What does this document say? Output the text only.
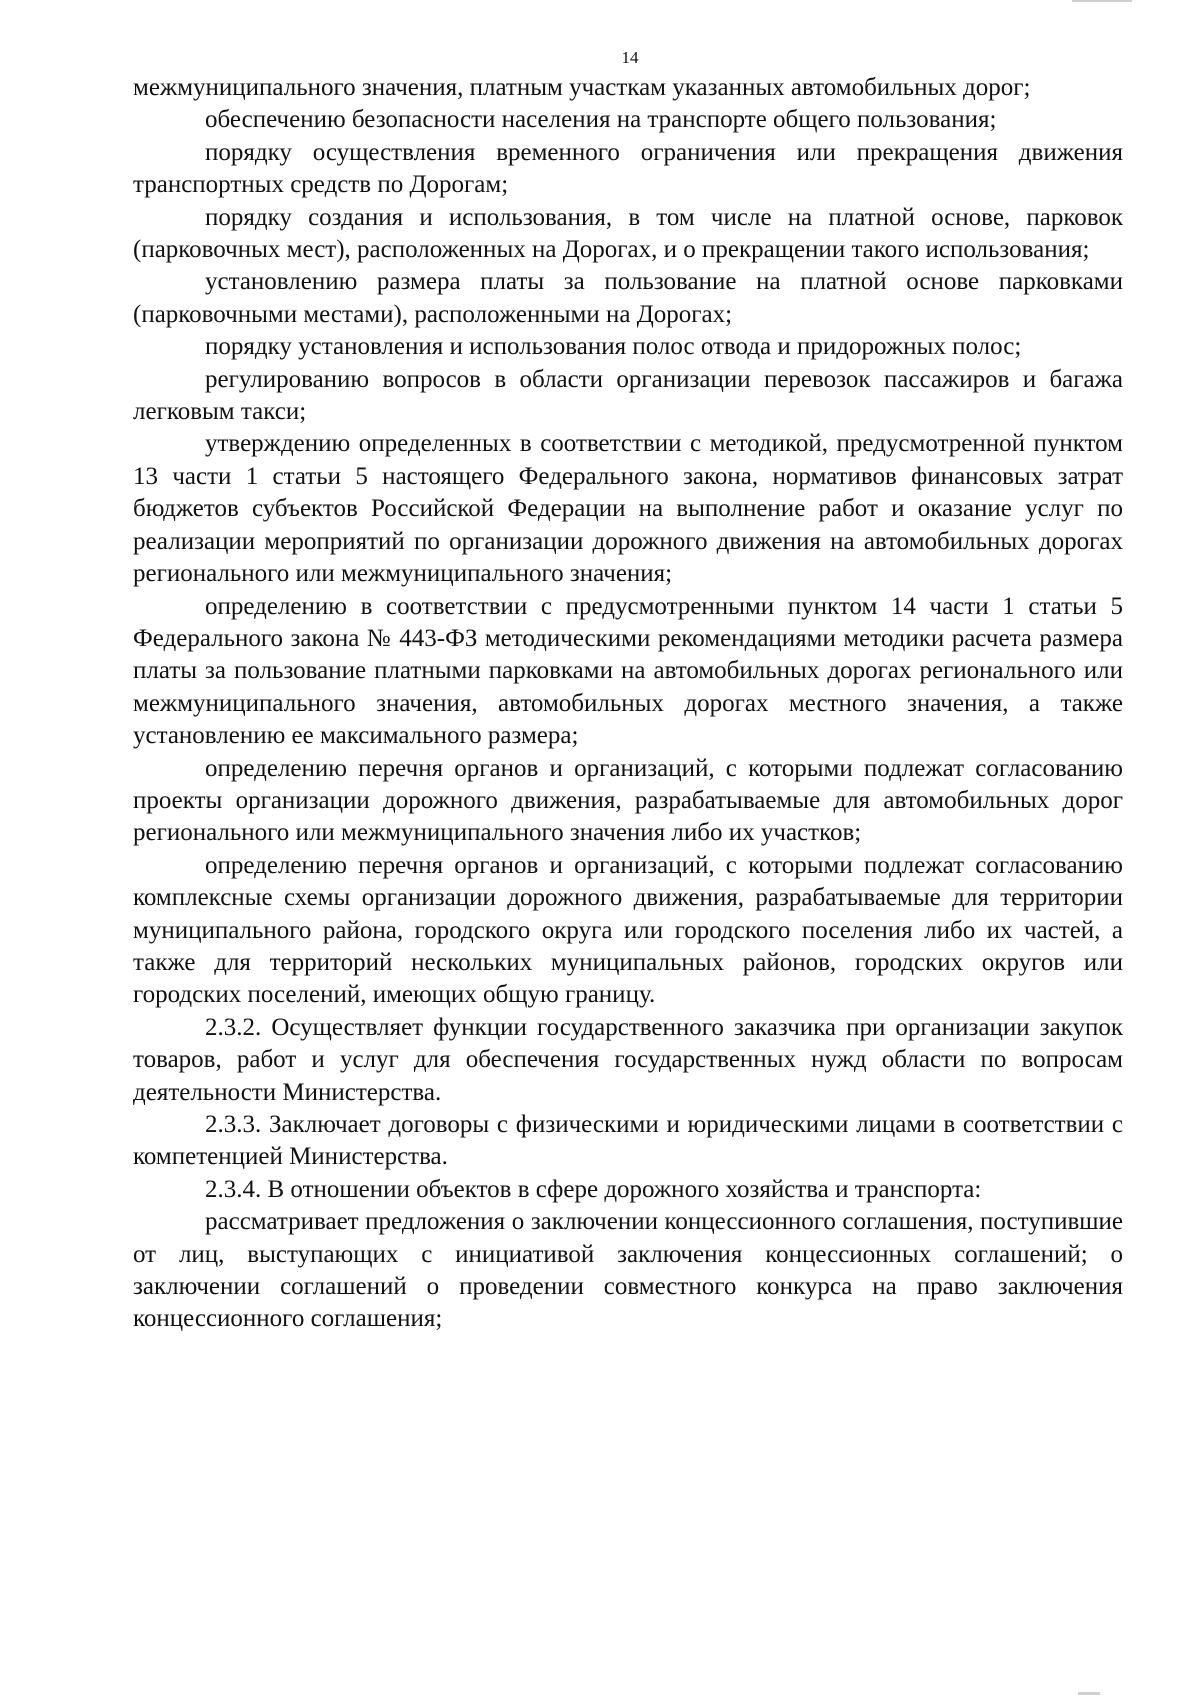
14

межмуниципального значения, платным участкам указанных автомобильных дорог;

обеспечению безопасности населения на транспорте общего пользования;

порядку осуществления временного ограничения или прекращения движения транспортных средств по Дорогам;

порядку создания и использования, в том числе на платной основе, парковок (парковочных мест), расположенных на Дорогах, и о прекращении такого использования;

установлению размера платы за пользование на платной основе парковками (парковочными местами), расположенными на Дорогах;

порядку установления и использования полос отвода и придорожных полос;

регулированию вопросов в области организации перевозок пассажиров и багажа легковым такси;

утверждению определенных в соответствии с методикой, предусмотренной пунктом 13 части 1 статьи 5 настоящего Федерального закона, нормативов финансовых затрат бюджетов субъектов Российской Федерации на выполнение работ и оказание услуг по реализации мероприятий по организации дорожного движения на автомобильных дорогах регионального или межмуниципального значения;

определению в соответствии с предусмотренными пунктом 14 части 1 статьи 5 Федерального закона № 443-ФЗ методическими рекомендациями методики расчета размера платы за пользование платными парковками на автомобильных дорогах регионального или межмуниципального значения, автомобильных дорогах местного значения, а также установлению ее максимального размера;

определению перечня органов и организаций, с которыми подлежат согласованию проекты организации дорожного движения, разрабатываемые для автомобильных дорог регионального или межмуниципального значения либо их участков;

определению перечня органов и организаций, с которыми подлежат согласованию комплексные схемы организации дорожного движения, разрабатываемые для территории муниципального района, городского округа или городского поселения либо их частей, а также для территорий нескольких муниципальных районов, городских округов или городских поселений, имеющих общую границу.

2.3.2. Осуществляет функции государственного заказчика при организации закупок товаров, работ и услуг для обеспечения государственных нужд области по вопросам деятельности Министерства.

2.3.3. Заключает договоры с физическими и юридическими лицами в соответствии с компетенцией Министерства.

2.3.4. В отношении объектов в сфере дорожного хозяйства и транспорта:

рассматривает предложения о заключении концессионного соглашения, поступившие от лиц, выступающих с инициативой заключения концессионных соглашений; о заключении соглашений о проведении совместного конкурса на право заключения концессионного соглашения;
